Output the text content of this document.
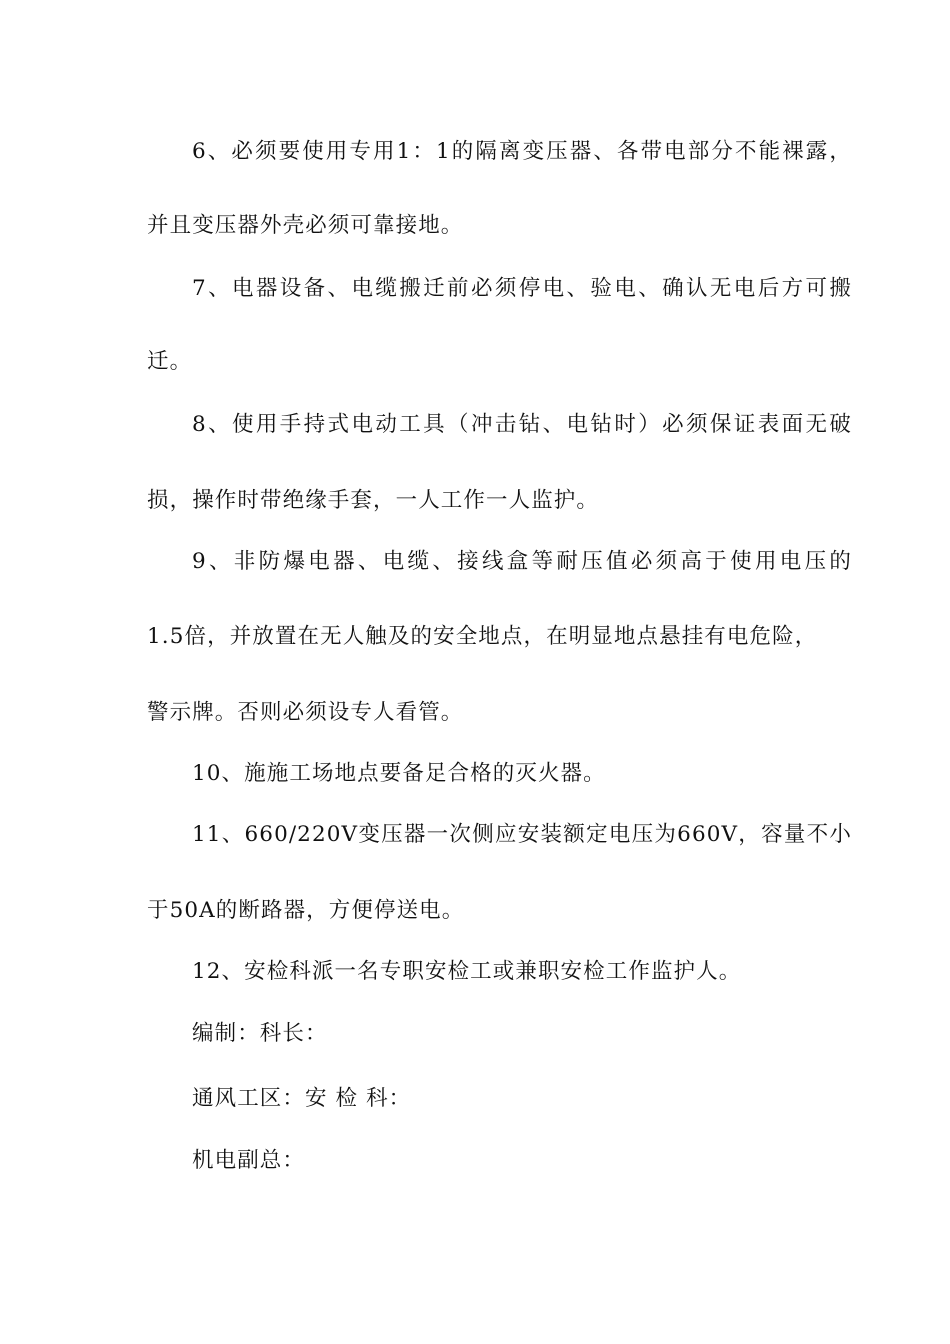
6、必须要使用专用1：1的隔离变压器、各带电部分不能裸露，
并且变压器外壳必须可靠接地。
7、电器设备、电缆搬迁前必须停电、验电、确认无电后方可搬
迁。
8、使用手持式电动工具（冲击钻、电钻时）必须保证表面无破
损，操作时带绝缘手套，一人工作一人监护。
9、非防爆电器、电缆、接线盒等耐压值必须高于使用电压的
1.5倍，并放置在无人触及的安全地点，在明显地点悬挂有电危险，
警示牌。否则必须设专人看管。
10、施施工场地点要备足合格的灭火器。
11、660/220V变压器一次侧应安装额定电压为660V，容量不小
于50A的断路器，方便停送电。
12、安检科派一名专职安检工或兼职安检工作监护人。
编制：科长：
通风工区：安 检 科：
机电副总：
